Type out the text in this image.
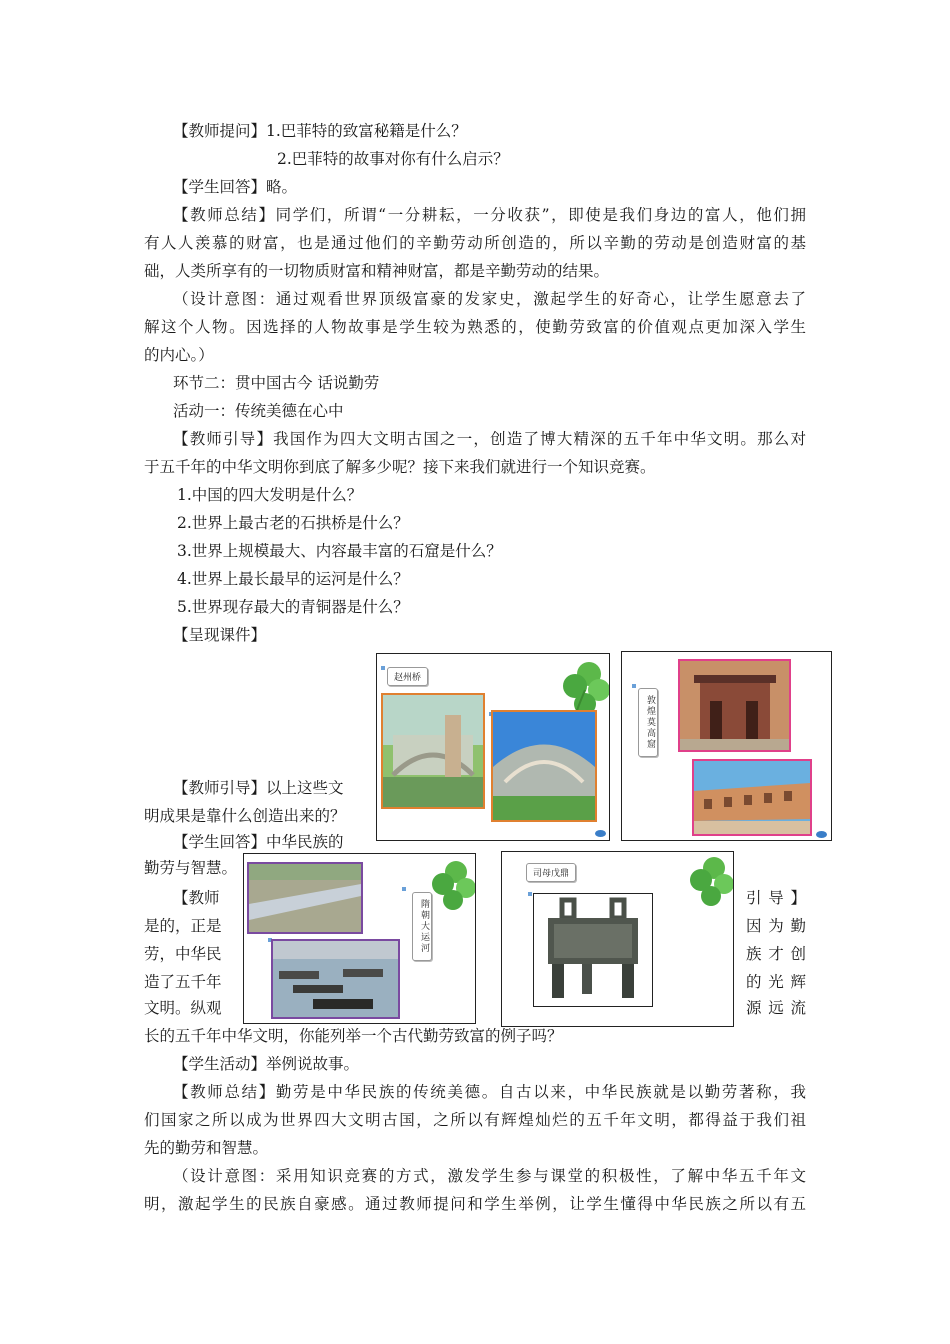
【教师提问】1.巴菲特的致富秘籍是什么？
2.巴菲特的故事对你有什么启示？
【学生回答】略。
【教师总结】同学们，所谓“一分耕耘，一分收获”，即使是我们身边的富人，他们拥
有人人羡慕的财富，也是通过他们的辛勤劳动所创造的，所以辛勤的劳动是创造财富的基
础，人类所享有的一切物质财富和精神财富，都是辛勤劳动的结果。
（设计意图：通过观看世界顶级富豪的发家史，激起学生的好奇心，让学生愿意去了
解这个人物。因选择的人物故事是学生较为熟悉的，使勤劳致富的价值观点更加深入学生
的内心。）
环节二：贯中国古今 话说勤劳
活动一：传统美德在心中
【教师引导】我国作为四大文明古国之一，创造了博大精深的五千年中华文明。那么对
于五千年的中华文明你到底了解多少呢？接下来我们就进行一个知识竞赛。
1.中国的四大发明是什么？
2.世界上最古老的石拱桥是什么？
3.世界上规模最大、内容最丰富的石窟是什么？
4.世界上最长最早的运河是什么？
5.世界现存最大的青铜器是什么？
【呈现课件】
【教师引导】以上这些文
明成果是靠什么创造出来的？
【学生回答】中华民族的
勤劳与智慧。
【教师	引导】
是的，正是	因为勤
劳，中华民	族才创
造了五千年	的光辉
文明。纵观	源远流
长的五千年中华文明，你能列举一个古代勤劳致富的例子吗？
【学生活动】举例说故事。
【教师总结】勤劳是中华民族的传统美德。自古以来，中华民族就是以勤劳著称，我
们国家之所以成为世界四大文明古国，之所以有辉煌灿烂的五千年文明，都得益于我们祖
先的勤劳和智慧。
（设计意图：采用知识竞赛的方式，激发学生参与课堂的积极性，了解中华五千年文
明，激起学生的民族自豪感。通过教师提问和学生举例，让学生懂得中华民族之所以有五
赵州桥
敦煌莫高窟
隋朝大运河
司母戊鼎
